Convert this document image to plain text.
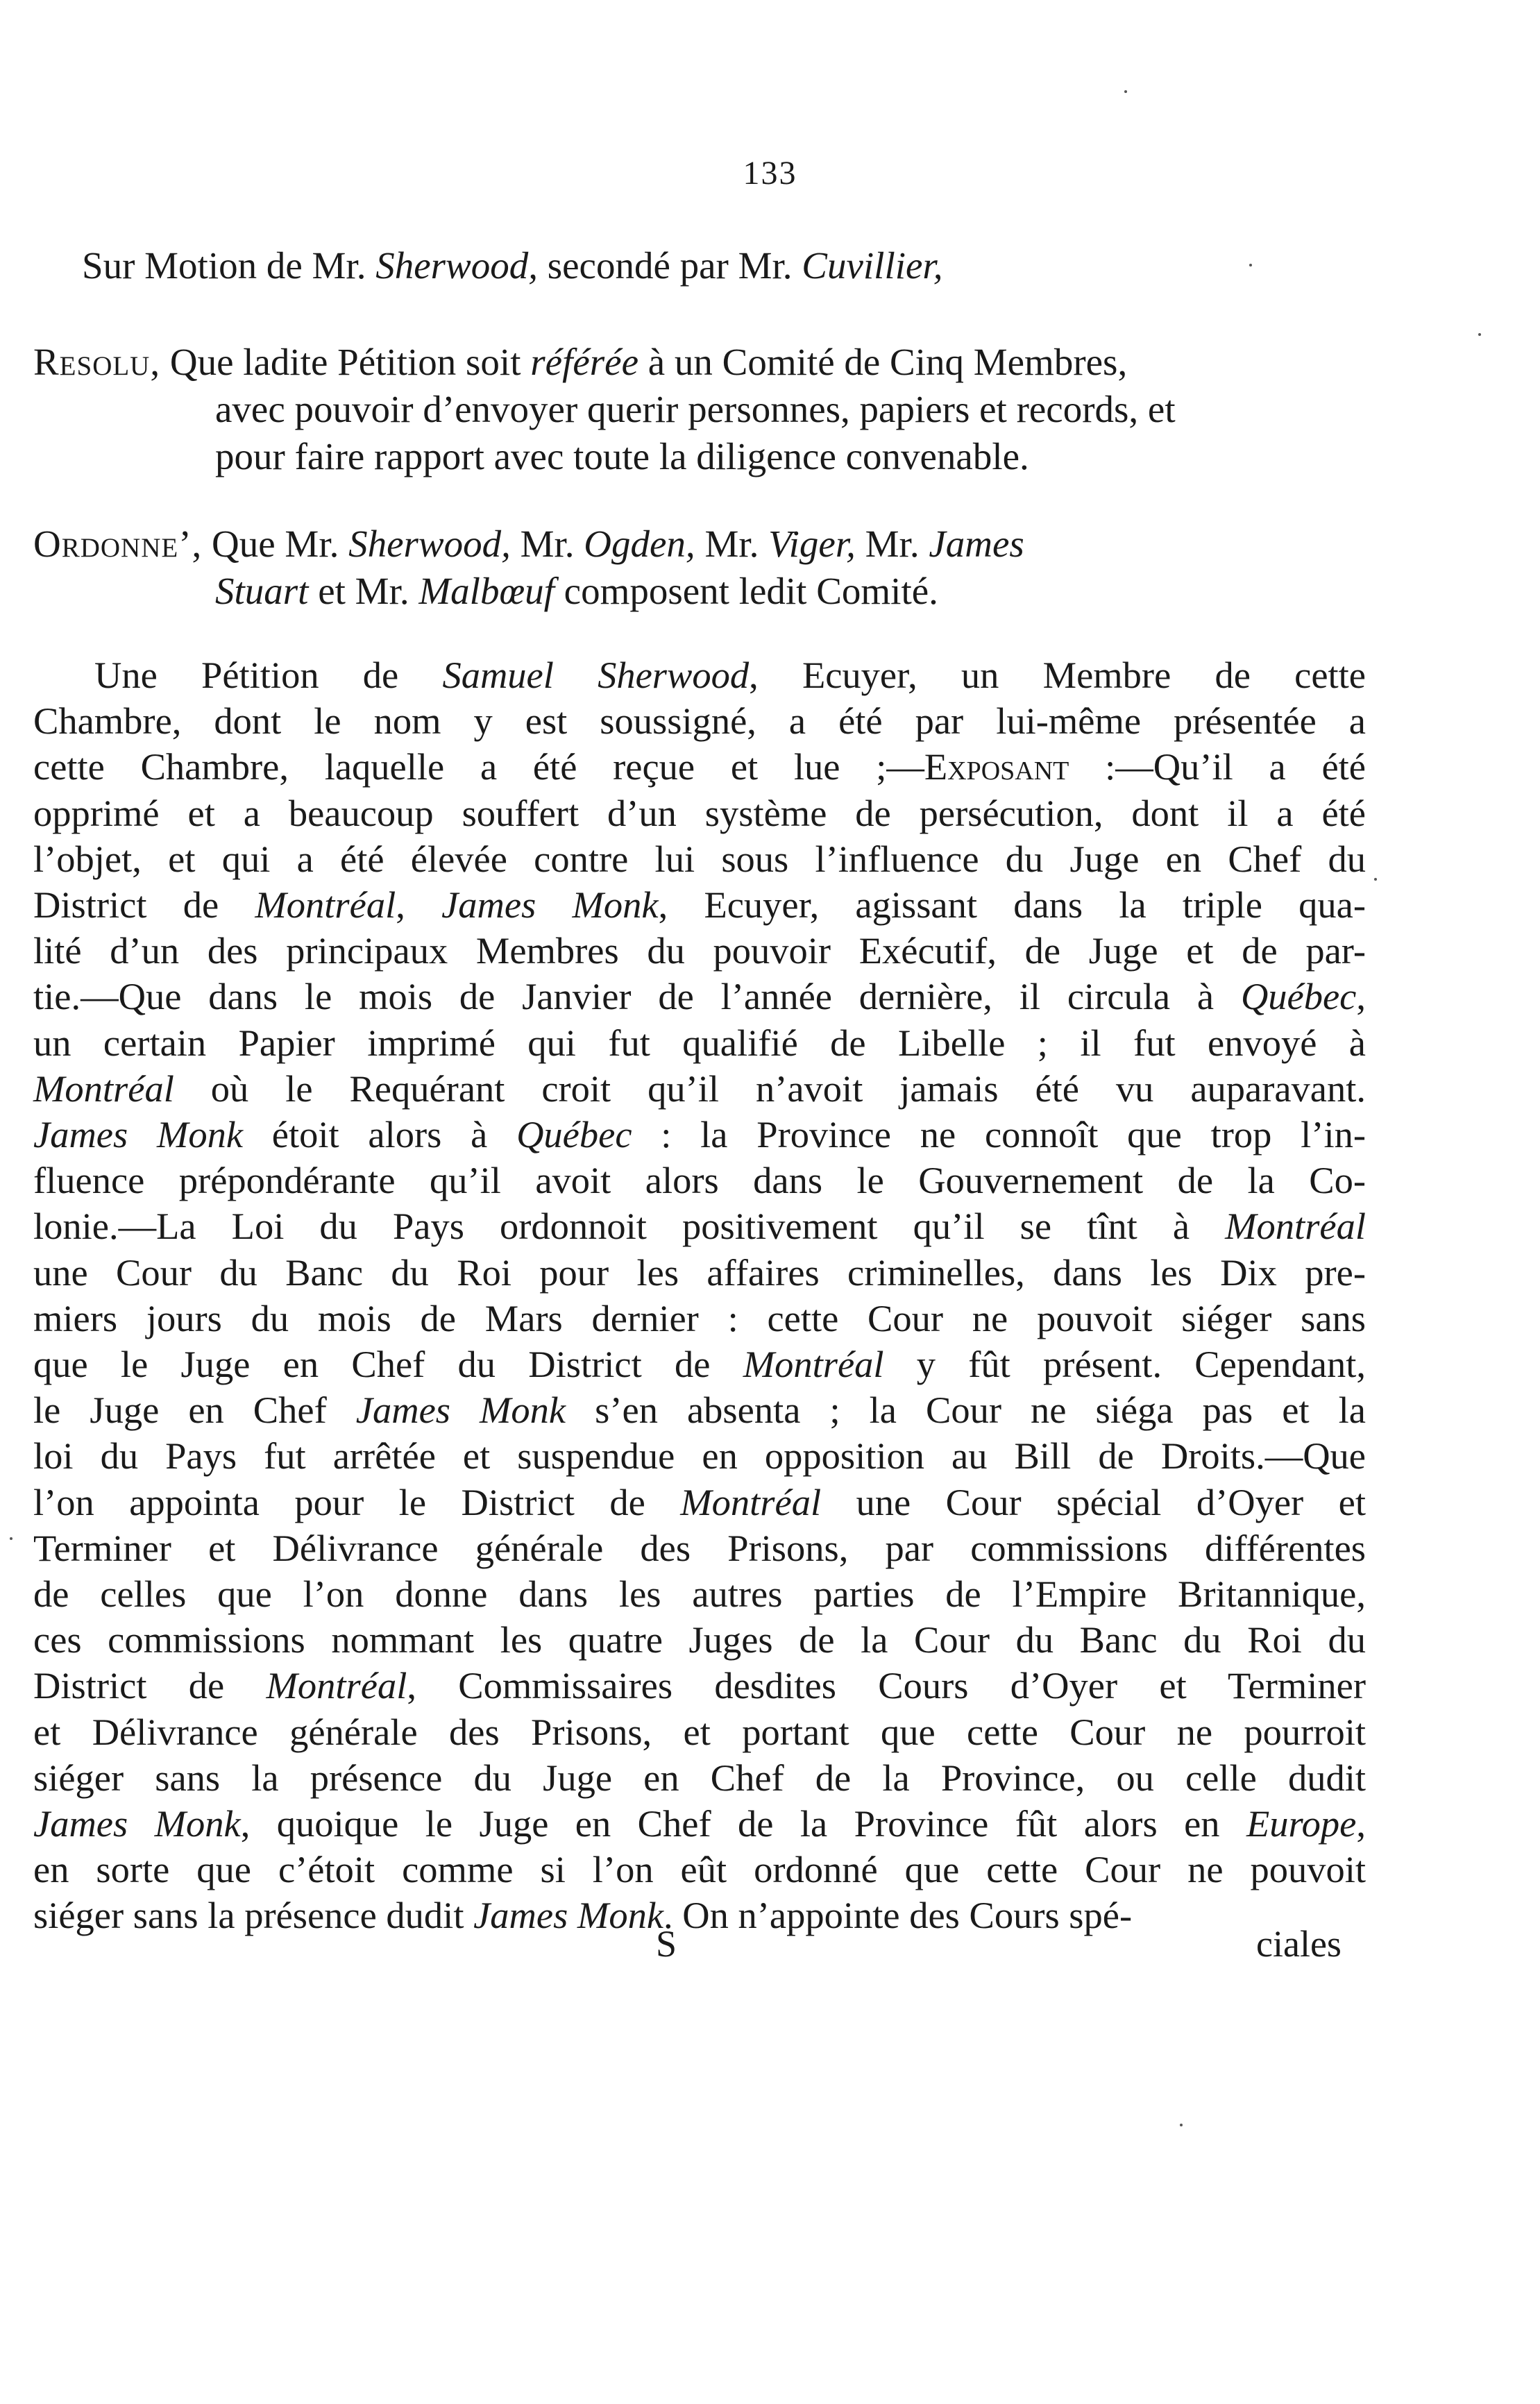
133
Sur Motion de Mr. Sherwood, secondé par Mr. Cuvillier,
Resolu, Que ladite Pétition soit référée à un Comité de Cinq Membres,
avec pouvoir d’envoyer querir personnes, papiers et records, et
pour faire rapport avec toute la diligence convenable.
Ordonne’, Que Mr. Sherwood, Mr. Ogden, Mr. Viger, Mr. James
Stuart et Mr. Malbœuf composent ledit Comité.
Une Pétition de Samuel Sherwood, Ecuyer, un Membre de cette
Chambre, dont le nom y est soussigné, a été par lui-même présentée a
cette Chambre, laquelle a été reçue et lue ;—Exposant :—Qu’il a été
opprimé et a beaucoup souffert d’un système de persécution, dont il a été
l’objet, et qui a été élevée contre lui sous l’influence du Juge en Chef du
District de Montréal, James Monk, Ecuyer, agissant dans la triple qua-
lité d’un des principaux Membres du pouvoir Exécutif, de Juge et de par-
tie.—Que dans le mois de Janvier de l’année dernière, il circula à Québec,
un certain Papier imprimé qui fut qualifié de Libelle ; il fut envoyé à
Montréal où le Requérant croit qu’il n’avoit jamais été vu auparavant.
James Monk étoit alors à Québec : la Province ne connoît que trop l’in-
fluence prépondérante qu’il avoit alors dans le Gouvernement de la Co-
lonie.—La Loi du Pays ordonnoit positivement qu’il se tînt à Montréal
une Cour du Banc du Roi pour les affaires criminelles, dans les Dix pre-
miers jours du mois de Mars dernier : cette Cour ne pouvoit siéger sans
que le Juge en Chef du District de Montréal y fût présent. Cependant,
le Juge en Chef James Monk s’en absenta ; la Cour ne siéga pas et la
loi du Pays fut arrêtée et suspendue en opposition au Bill de Droits.—Que
l’on appointa pour le District de Montréal une Cour spécial d’Oyer et
Terminer et Délivrance générale des Prisons, par commissions différentes
de celles que l’on donne dans les autres parties de l’Empire Britannique,
ces commissions nommant les quatre Juges de la Cour du Banc du Roi du
District de Montréal, Commissaires desdites Cours d’Oyer et Terminer
et Délivrance générale des Prisons, et portant que cette Cour ne pourroit
siéger sans la présence du Juge en Chef de la Province, ou celle dudit
James Monk, quoique le Juge en Chef de la Province fût alors en Europe,
en sorte que c’étoit comme si l’on eût ordonné que cette Cour ne pouvoit
siéger sans la présence dudit James Monk. On n’appointe des Cours spé-
S	ciales
